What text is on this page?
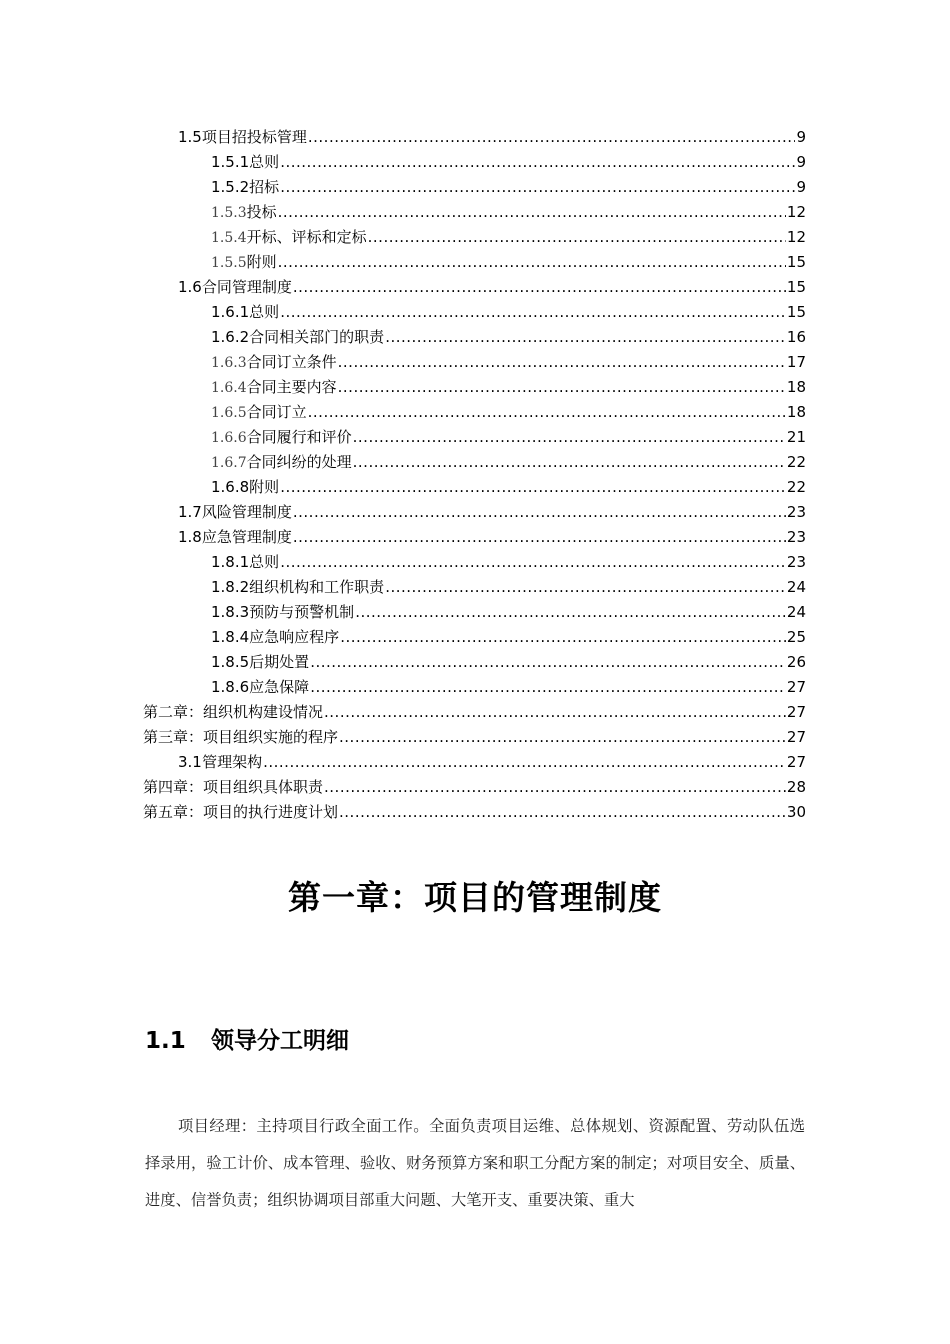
1.5 项目招投标管理 .....	9
1.5.1 总则 .....	9
1.5.2 招标 .....	9
1.5.3 投标 .....	12
1.5.4 开标、评标和定标 .....	12
1.5.5 附则 .....	15
1.6 合同管理制度 .....	15
1.6.1 总则 .....	15
1.6.2 合同相关部门的职责 .....	16
1.6.3 合同订立条件 .....	17
1.6.4 合同主要内容 .....	18
1.6.5 合同订立 .....	18
1.6.6 合同履行和评价 .....	21
1.6.7 合同纠纷的处理 .....	22
1.6.8 附则 .....	22
1.7 风险管理制度 .....	23
1.8 应急管理制度 .....	23
1.8.1 总则 .....	23
1.8.2 组织机构和工作职责 .....	24
1.8.3 预防与预警机制 .....	24
1.8.4 应急响应程序 .....	25
1.8.5 后期处置 .....	26
1.8.6 应急保障 .....	27
第二章：组织机构建设情况 .....	27
第三章：项目组织实施的程序 .....	27
3.1 管理架构 .....	27
第四章：项目组织具体职责 .....	28
第五章：项目的执行进度计划 .....	30
第一章：项目的管理制度
1.1 领导分工明细
项目经理：主持项目行政全面工作。全面负责项目运维、总体规划、资源配置、劳动队伍选择录用，验工计价、成本管理、验收、财务预算方案和职工分配方案的制定；对项目安全、质量、进度、信誉负责；组织协调项目部重大问题、大笔开支、重要决策、重大
